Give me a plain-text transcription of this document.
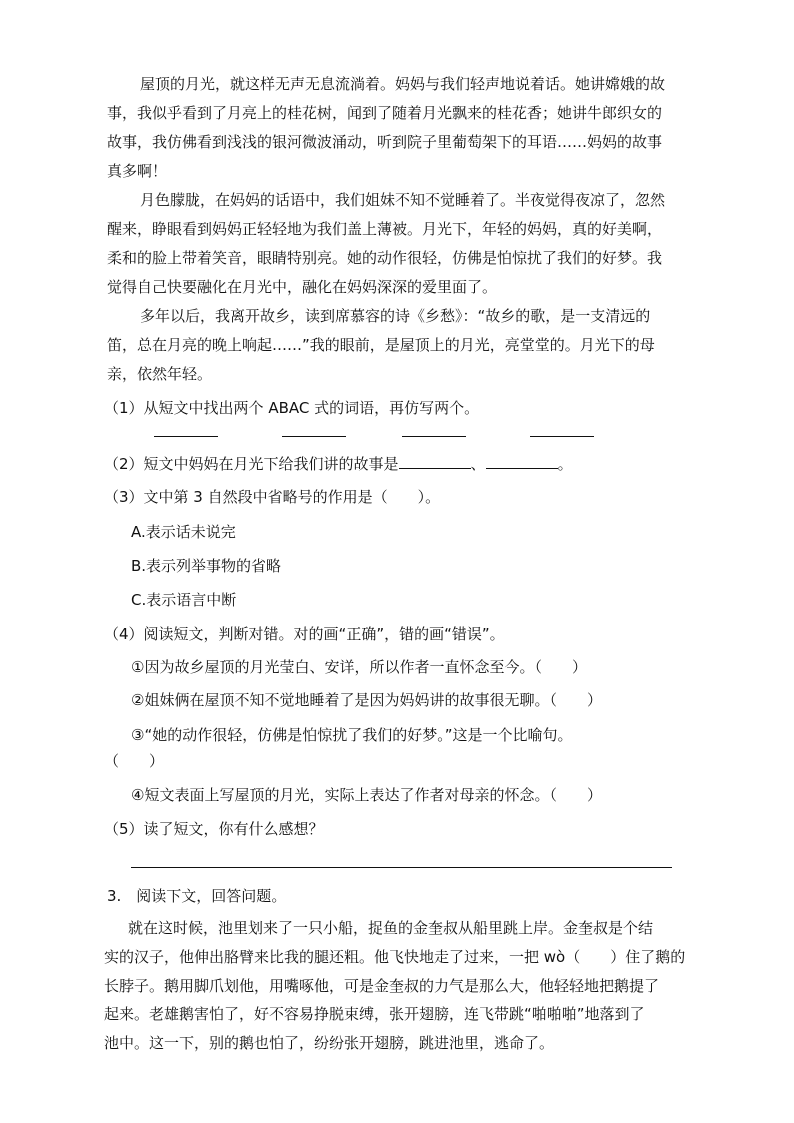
屋顶的月光，就这样无声无息流淌着。妈妈与我们轻声地说着话。她讲嫦娥的故
事，我似乎看到了月亮上的桂花树，闻到了随着月光飘来的桂花香；她讲牛郎织女的
故事，我仿佛看到浅浅的银河微波涌动，听到院子里葡萄架下的耳语……妈妈的故事
真多啊！
月色朦胧，在妈妈的话语中，我们姐妹不知不觉睡着了。半夜觉得夜凉了，忽然
醒来，睁眼看到妈妈正轻轻地为我们盖上薄被。月光下，年轻的妈妈，真的好美啊，
柔和的脸上带着笑音，眼睛特别亮。她的动作很轻，仿佛是怕惊扰了我们的好梦。我
觉得自己快要融化在月光中，融化在妈妈深深的爱里面了。
多年以后，我离开故乡，读到席慕容的诗《乡愁》：“故乡的歌，是一支清远的
笛，总在月亮的晚上响起……”我的眼前，是屋顶上的月光，亮堂堂的。月光下的母
亲，依然年轻。
（1）从短文中找出两个 ABAC 式的词语，再仿写两个。
（2）短文中妈妈在月光下给我们讲的故事是	、	。
（3）文中第 3 自然段中省略号的作用是（　　）。
A.表示话未说完
B.表示列举事物的省略
C.表示语言中断
（4）阅读短文，判断对错。对的画“正确”，错的画“错误”。
①因为故乡屋顶的月光莹白、安详，所以作者一直怀念至今。（　　）
②姐妹俩在屋顶不知不觉地睡着了是因为妈妈讲的故事很无聊。（　　）
③“她的动作很轻，仿佛是怕惊扰了我们的好梦。”这是一个比喻句。
（　　）
④短文表面上写屋顶的月光，实际上表达了作者对母亲的怀念。（　　）
（5）读了短文，你有什么感想？
3.　阅读下文，回答问题。
就在这时候，池里划来了一只小船，捉鱼的金奎叔从船里跳上岸。金奎叔是个结
实的汉子，他伸出胳臂来比我的腿还粗。他飞快地走了过来，一把 wò（　　）住了鹅的
长脖子。鹅用脚爪划他，用嘴啄他，可是金奎叔的力气是那么大，他轻轻地把鹅提了
起来。老雄鹅害怕了，好不容易挣脱束缚，张开翅膀，连飞带跳“啪啪啪”地落到了
池中。这一下，别的鹅也怕了，纷纷张开翅膀，跳进池里，逃命了。
